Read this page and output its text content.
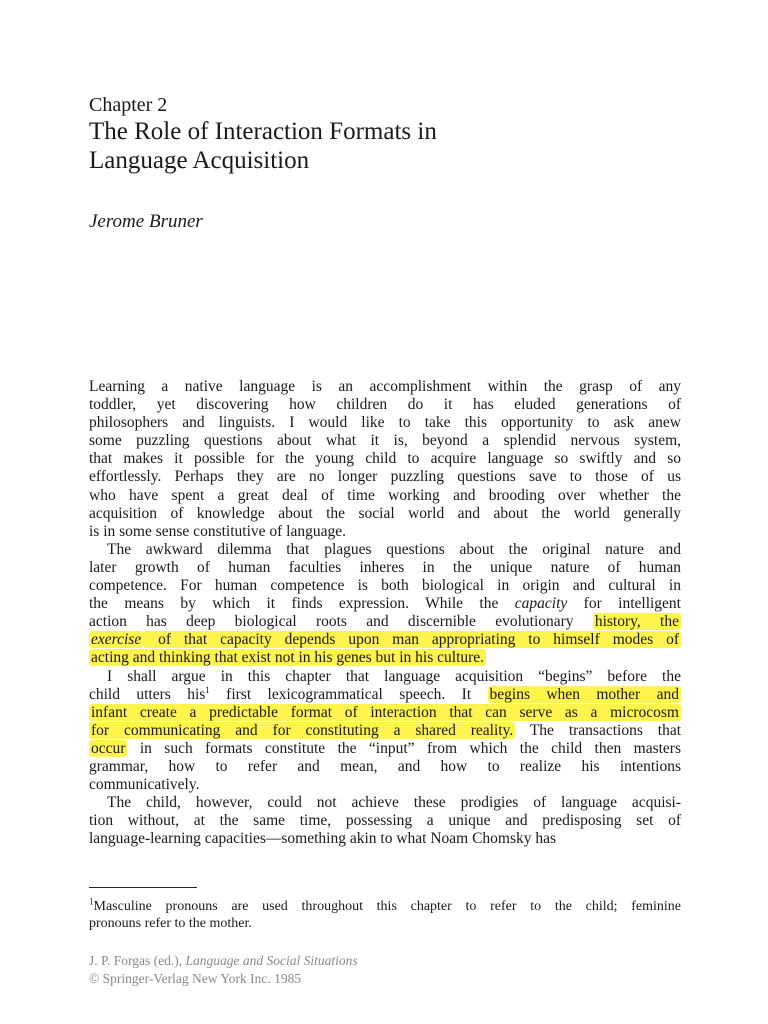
Chapter 2
The Role of Interaction Formats in
Language Acquisition
Jerome Bruner
Learning a native language is an accomplishment within the grasp of any
toddler, yet discovering how children do it has eluded generations of
philosophers and linguists. I would like to take this opportunity to ask anew
some puzzling questions about what it is, beyond a splendid nervous system,
that makes it possible for the young child to acquire language so swiftly and so
effortlessly. Perhaps they are no longer puzzling questions save to those of us
who have spent a great deal of time working and brooding over whether the
acquisition of knowledge about the social world and about the world generally
is in some sense constitutive of language.
The awkward dilemma that plagues questions about the original nature and
later growth of human faculties inheres in the unique nature of human
competence. For human competence is both biological in origin and cultural in
the means by which it finds expression. While the capacity for intelligent
action has deep biological roots and discernible evolutionary history, the
exercise of that capacity depends upon man appropriating to himself modes of
acting and thinking that exist not in his genes but in his culture.
I shall argue in this chapter that language acquisition “begins” before the
child utters his$^1$ first lexicogrammatical speech. It begins when mother and
infant create a predictable format of interaction that can serve as a microcosm
for communicating and for constituting a shared reality. The transactions that
occur in such formats constitute the “input” from which the child then masters
grammar, how to refer and mean, and how to realize his intentions
communicatively.
The child, however, could not achieve these prodigies of language acquisi-
tion without, at the same time, possessing a unique and predisposing set of
language-learning capacities—something akin to what Noam Chomsky has
$^1$Masculine pronouns are used throughout this chapter to refer to the child; feminine
pronouns refer to the mother.
J. P. Forgas (ed.), Language and Social Situations
© Springer-Verlag New York Inc. 1985
